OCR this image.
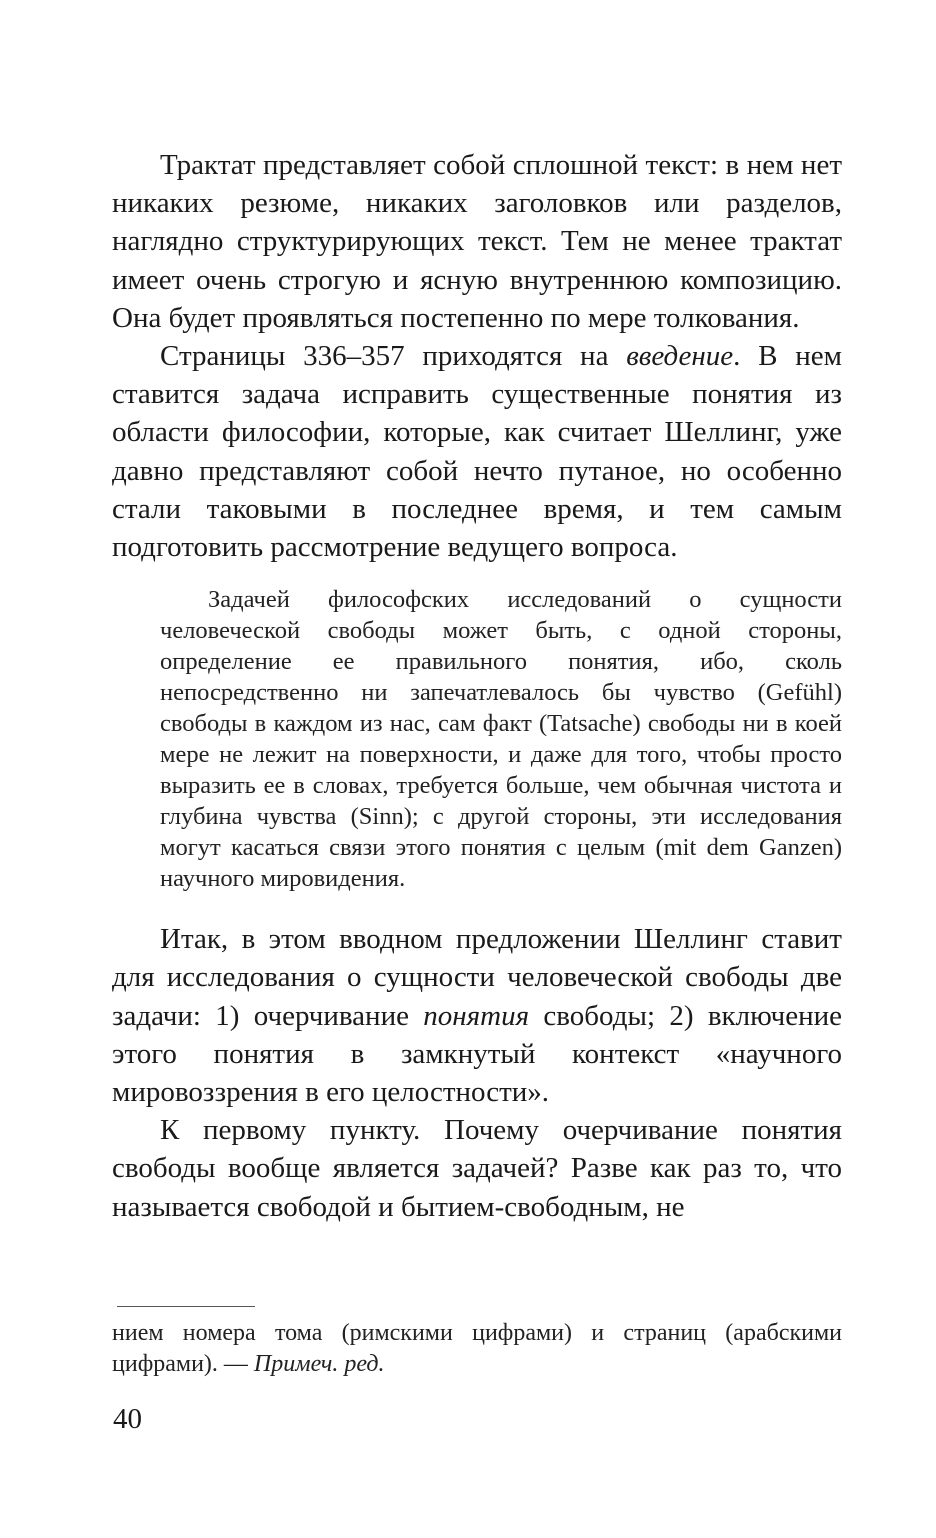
Трактат представляет собой сплошной текст: в нем нет никаких резюме, никаких заголовков или разделов, наглядно структурирующих текст. Тем не менее трактат имеет очень строгую и ясную внутреннюю композицию. Она будет проявляться постепенно по мере толкования.

Страницы 336–357 приходятся на введение. В нем ставится задача исправить существенные понятия из области философии, которые, как считает Шеллинг, уже давно представляют собой нечто путаное, но особенно стали таковыми в последнее время, и тем самым подготовить рассмотрение ведущего вопроса.

Задачей философских исследований о сущности человеческой свободы может быть, с одной стороны, определение ее правильного понятия, ибо, сколь непосредственно ни запечатлевалось бы чувство (Gefühl) свободы в каждом из нас, сам факт (Tatsache) свободы ни в коей мере не лежит на поверхности, и даже для того, чтобы просто выразить ее в словах, требуется больше, чем обычная чистота и глубина чувства (Sinn); с другой стороны, эти исследования могут касаться связи этого понятия с целым (mit dem Ganzen) научного мировидения.

Итак, в этом вводном предложении Шеллинг ставит для исследования о сущности человеческой свободы две задачи: 1) очерчивание понятия свободы; 2) включение этого понятия в замкнутый контекст «научного мировоззрения в его целостности».

К первому пункту. Почему очерчивание понятия свободы вообще является задачей? Разве как раз то, что называется свободой и бытием-свободным, не

нием номера тома (римскими цифрами) и страниц (арабскими цифрами). — Примеч. ред.

40
